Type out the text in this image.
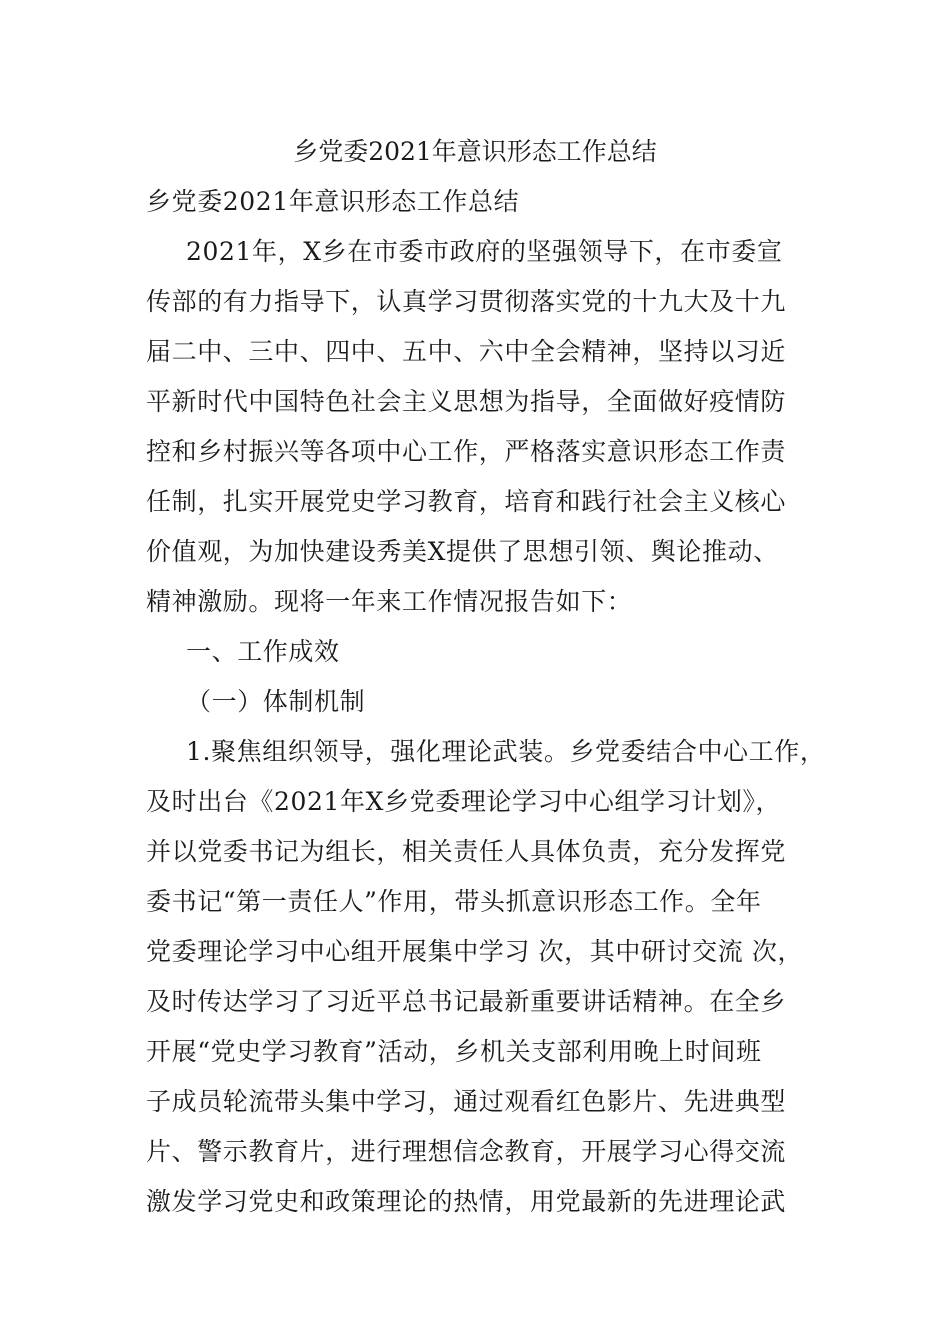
乡党委2021年意识形态工作总结
乡党委2021年意识形态工作总结
2021年，X乡在市委市政府的坚强领导下，在市委宣
传部的有力指导下，认真学习贯彻落实党的十九大及十九
届二中、三中、四中、五中、六中全会精神，坚持以习近
平新时代中国特色社会主义思想为指导，全面做好疫情防
控和乡村振兴等各项中心工作，严格落实意识形态工作责
任制，扎实开展党史学习教育，培育和践行社会主义核心
价值观，为加快建设秀美X提供了思想引领、舆论推动、
精神激励。现将一年来工作情况报告如下：
一、工作成效
（一）体制机制
1.聚焦组织领导，强化理论武装。乡党委结合中心工作，
及时出台《2021年X乡党委理论学习中心组学习计划》，
并以党委书记为组长，相关责任人具体负责，充分发挥党
委书记“第一责任人”作用，带头抓意识形态工作。全年
党委理论学习中心组开展集中学习 次，其中研讨交流 次，
及时传达学习了习近平总书记最新重要讲话精神。在全乡
开展“党史学习教育”活动，乡机关支部利用晚上时间班
子成员轮流带头集中学习，通过观看红色影片、先进典型
片、警示教育片，进行理想信念教育，开展学习心得交流
激发学习党史和政策理论的热情，用党最新的先进理论武
